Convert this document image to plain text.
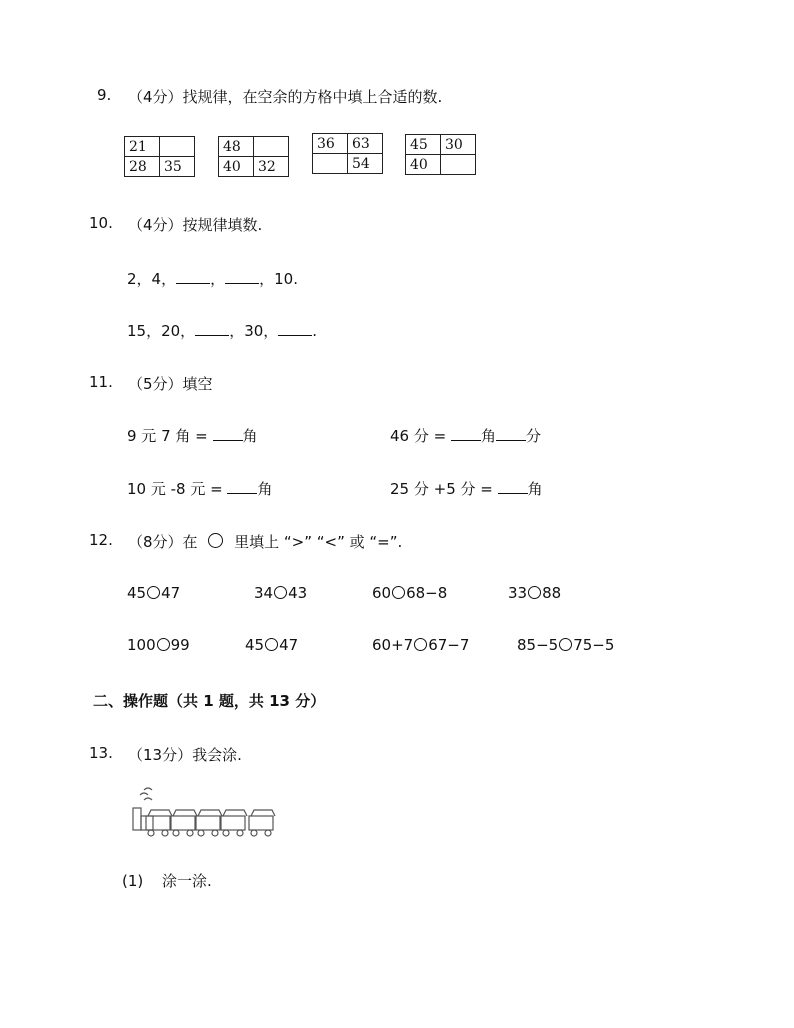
9. （4分）找规律，在空余的方格中填上合适的数.
21	
28	35
48	
40	32
36	63
	54
45	30
40	
10. （4分）按规律填数.
2，4， ， ，10.
15，20， ，30， .
11. （5分）填空
9 元 7 角 = 角	46 分 = 角 分
10 元 -8 元 = 角	25 分 +5 分 = 角
12. （8分）在 里填上 “>” “<” 或 “=”.
45 47	34 43	60 68−8	33 88
100 99	45 47	60+7 67−7	85−5 75−5
二、操作题（共 1 题，共 13 分）
13. （13分）我会涂.
(1) 涂一涂.
